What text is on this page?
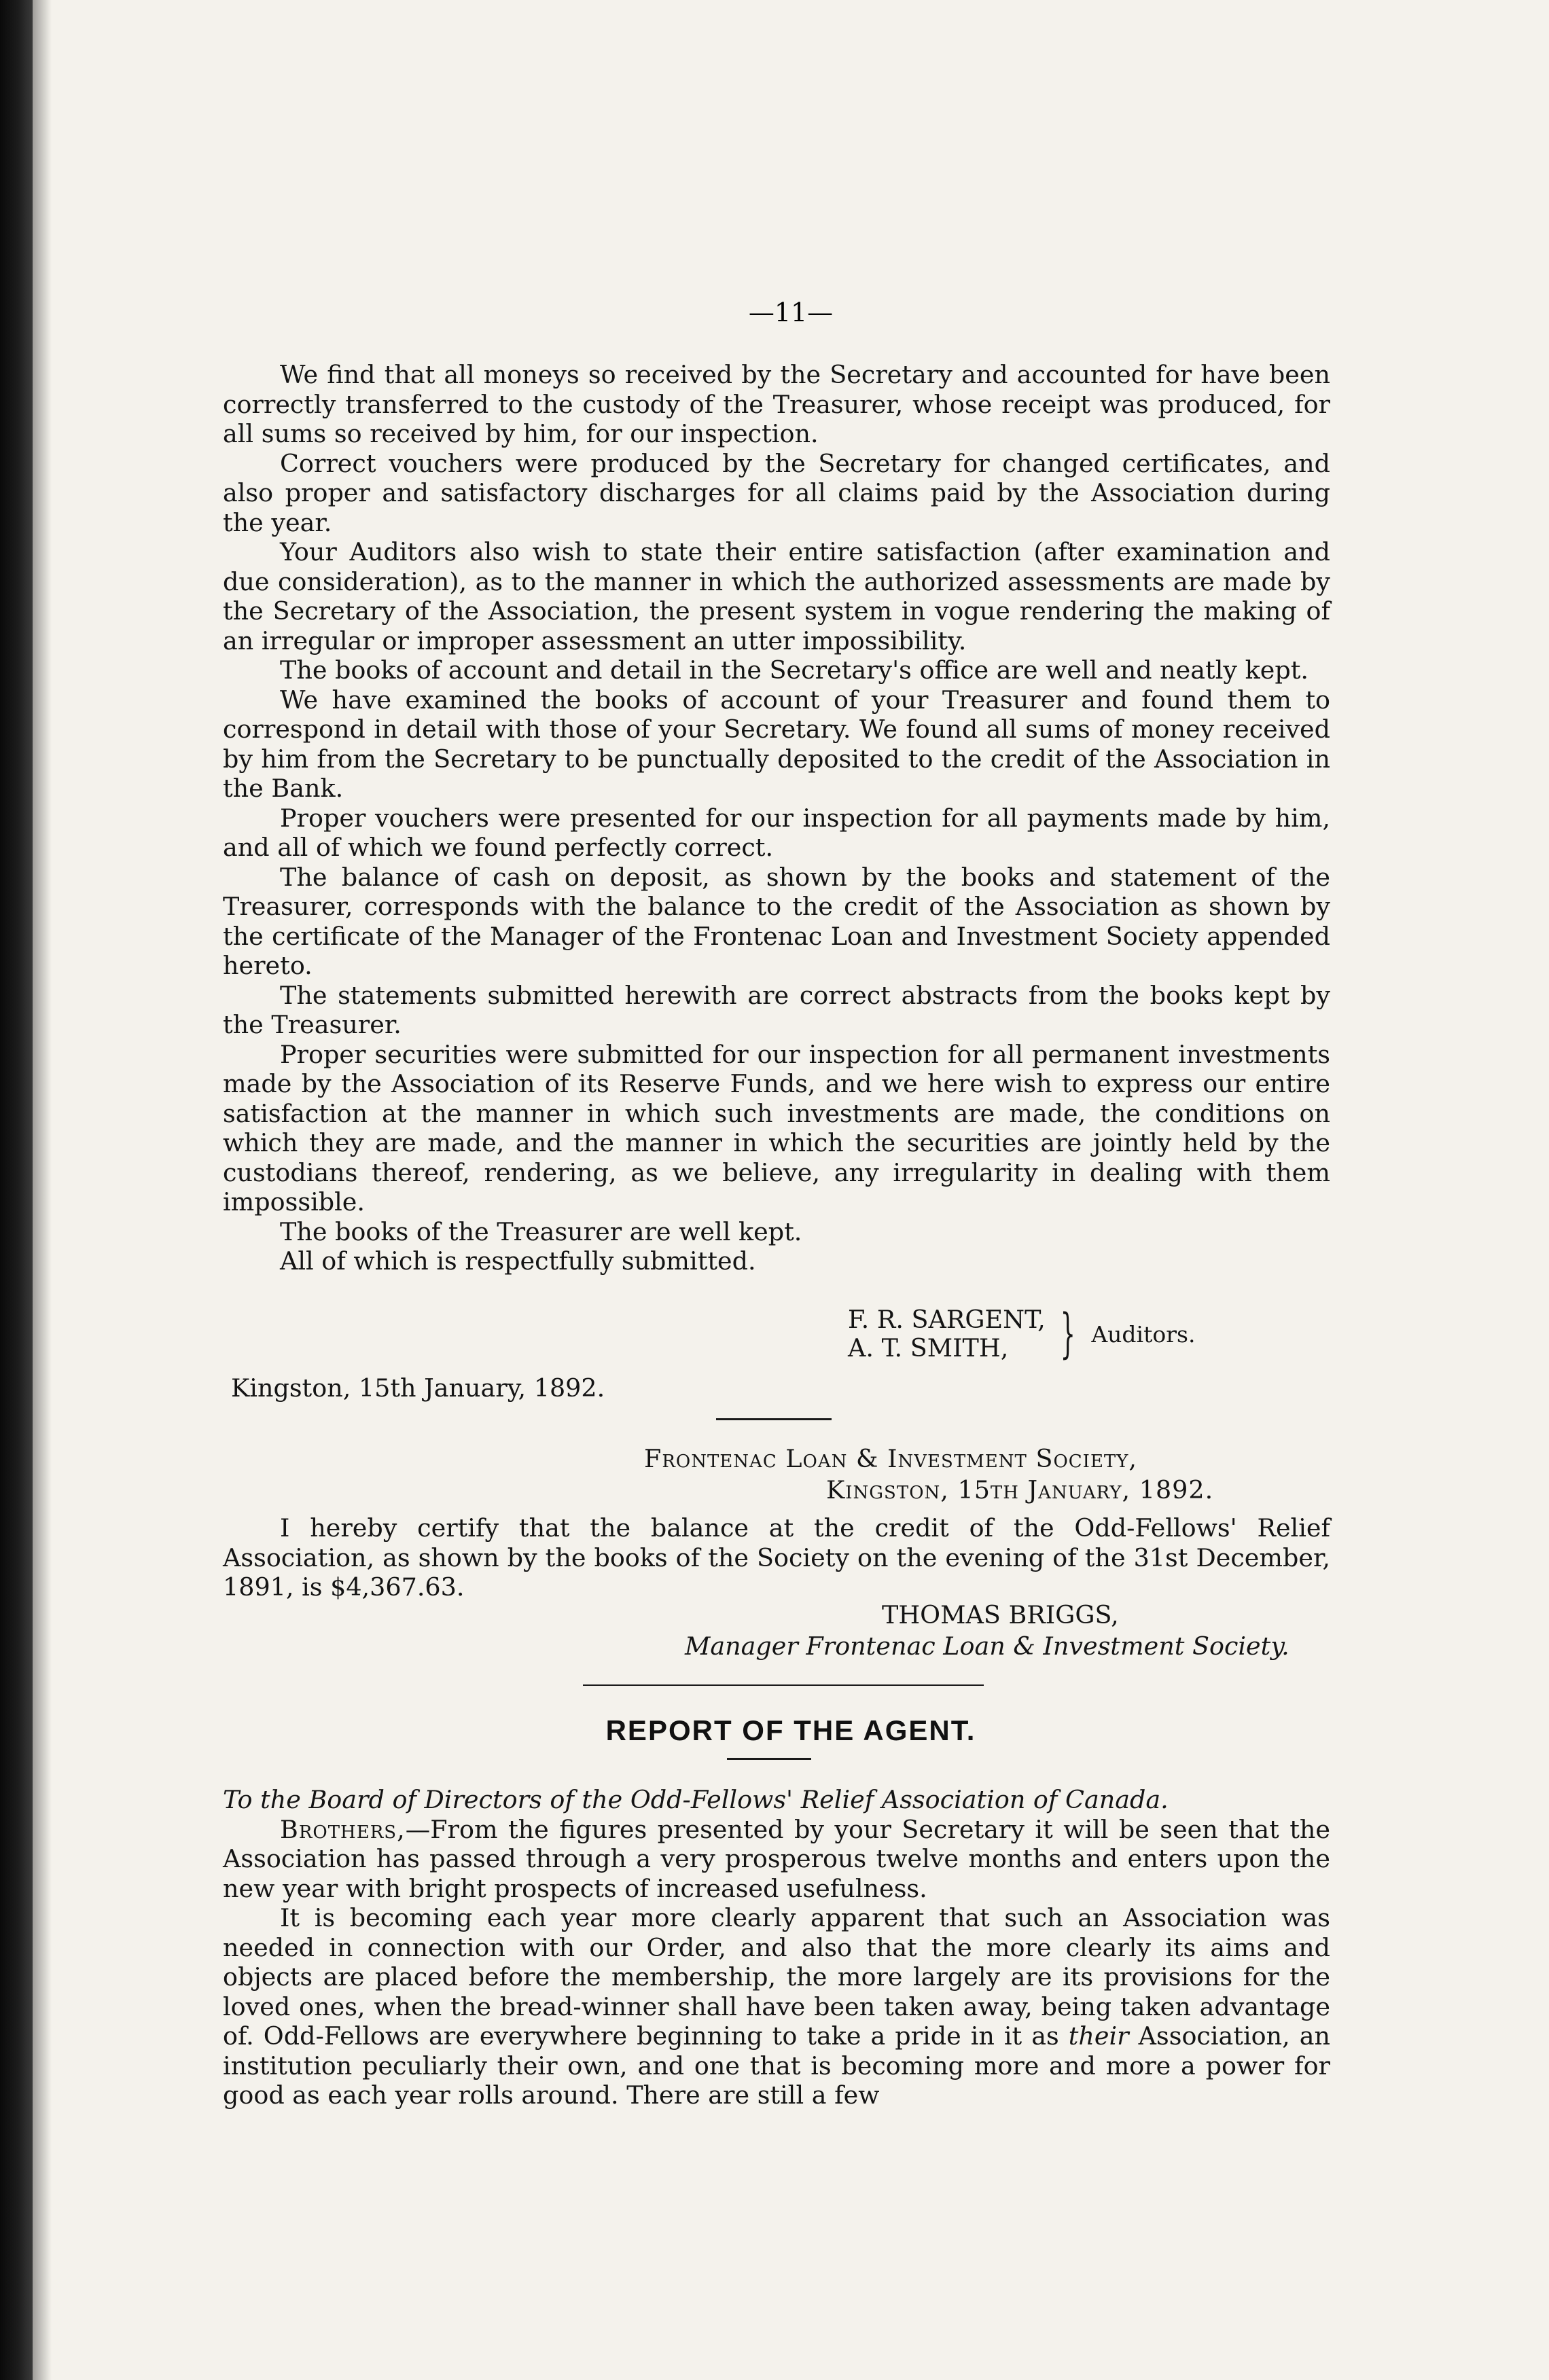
—11—

We find that all moneys so received by the Secretary and accounted for have been correctly transferred to the custody of the Treasurer, whose receipt was produced, for all sums so received by him, for our inspection.

Correct vouchers were produced by the Secretary for changed certificates, and also proper and satisfactory discharges for all claims paid by the Association during the year.

Your Auditors also wish to state their entire satisfaction (after examination and due consideration), as to the manner in which the authorized assessments are made by the Secretary of the Association, the present system in vogue rendering the making of an irregular or improper assessment an utter impossibility.

The books of account and detail in the Secretary's office are well and neatly kept.

We have examined the books of account of your Treasurer and found them to correspond in detail with those of your Secretary. We found all sums of money received by him from the Secretary to be punctually deposited to the credit of the Association in the Bank.

Proper vouchers were presented for our inspection for all payments made by him, and all of which we found perfectly correct.

The balance of cash on deposit, as shown by the books and statement of the Treasurer, corresponds with the balance to the credit of the Association as shown by the certificate of the Manager of the Frontenac Loan and Investment Society appended hereto.

The statements submitted herewith are correct abstracts from the books kept by the Treasurer.

Proper securities were submitted for our inspection for all permanent investments made by the Association of its Reserve Funds, and we here wish to express our entire satisfaction at the manner in which such investments are made, the conditions on which they are made, and the manner in which the securities are jointly held by the custodians thereof, rendering, as we believe, any irregularity in dealing with them impossible.

The books of the Treasurer are well kept.

All of which is respectfully submitted.

F. R. SARGENT,
A. T. SMITH, } Auditors.
Kingston, 15th January, 1892.
Frontenac Loan & Investment Society,
Kingston, 15th January, 1892.

I hereby certify that the balance at the credit of the Odd-Fellows' Relief Association, as shown by the books of the Society on the evening of the 31st December, 1891, is $4,367.63.

THOMAS BRIGGS,
Manager Frontenac Loan & Investment Society.
REPORT OF THE AGENT.

To the Board of Directors of the Odd-Fellows' Relief Association of Canada.

Brothers,—From the figures presented by your Secretary it will be seen that the Association has passed through a very prosperous twelve months and enters upon the new year with bright prospects of increased usefulness.

It is becoming each year more clearly apparent that such an Association was needed in connection with our Order, and also that the more clearly its aims and objects are placed before the membership, the more largely are its provisions for the loved ones, when the bread-winner shall have been taken away, being taken advantage of. Odd-Fellows are everywhere beginning to take a pride in it as their Association, an institution peculiarly their own, and one that is becoming more and more a power for good as each year rolls around. There are still a few
